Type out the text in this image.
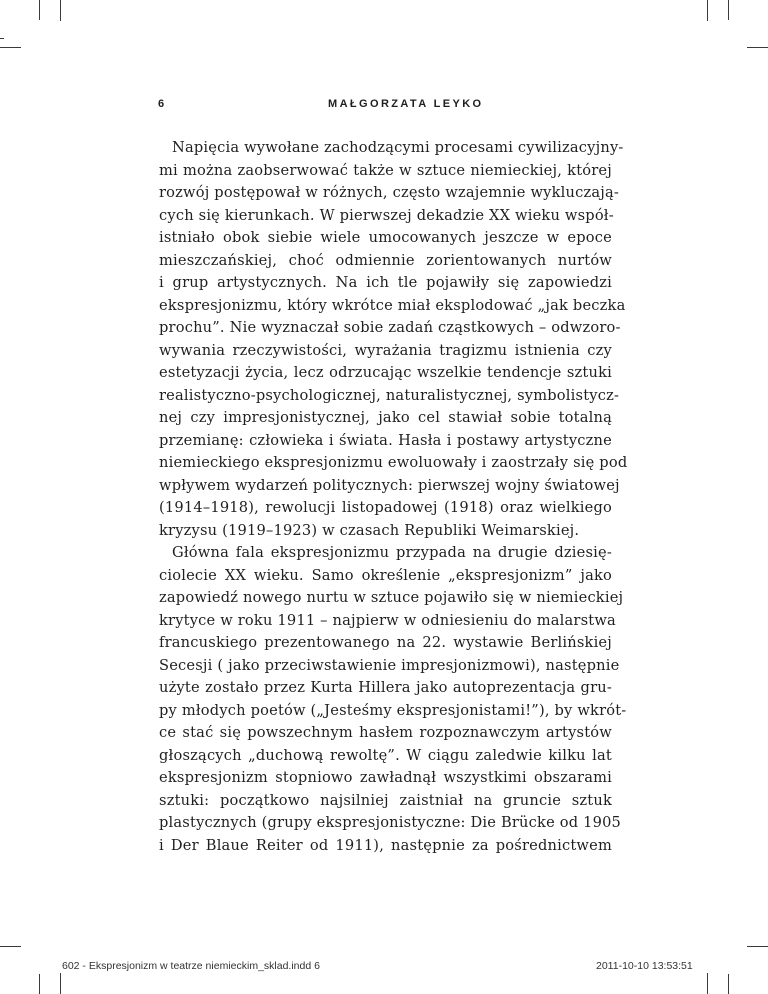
6	MAŁGORZATA LEYKO
Napięcia wywołane zachodzącymi procesami cywilizacyjny-
mi można zaobserwować także w sztuce niemieckiej, której
rozwój postępował w różnych, często wzajemnie wykluczają-
cych się kierunkach. W pierwszej dekadzie XX wieku współ-
istniało obok siebie wiele umocowanych jeszcze w epoce
mieszczańskiej, choć odmiennie zorientowanych nurtów
i grup artystycznych. Na ich tle pojawiły się zapowiedzi
ekspresjonizmu, który wkrótce miał eksplodować „jak beczka
prochu”. Nie wyznaczał sobie zadań cząstkowych – odwzoro-
wywania rzeczywistości, wyrażania tragizmu istnienia czy
estetyzacji życia, lecz odrzucając wszelkie tendencje sztuki
realistyczno-psychologicznej, naturalistycznej, symbolistycz-
nej czy impresjonistycznej, jako cel stawiał sobie totalną
przemianę: człowieka i świata. Hasła i postawy artystyczne
niemieckiego ekspresjonizmu ewoluowały i zaostrzały się pod
wpływem wydarzeń politycznych: pierwszej wojny światowej
(1914–1918), rewolucji listopadowej (1918) oraz wielkiego
kryzysu (1919–1923) w czasach Republiki Weimarskiej.
Główna fala ekspresjonizmu przypada na drugie dziesię-
ciolecie XX wieku. Samo określenie „ekspresjonizm” jako
zapowiedź nowego nurtu w sztuce pojawiło się w niemieckiej
krytyce w roku 1911 – najpierw w odniesieniu do malarstwa
francuskiego prezentowanego na 22. wystawie Berlińskiej
Secesji ( jako przeciwstawienie impresjonizmowi), następnie
użyte zostało przez Kurta Hillera jako autoprezentacja gru-
py młodych poetów („Jesteśmy ekspresjonistami!”), by wkrót-
ce stać się powszechnym hasłem rozpoznawczym artystów
głoszących „duchową rewoltę”. W ciągu zaledwie kilku lat
ekspresjonizm stopniowo zawładnął wszystkimi obszarami
sztuki: początkowo najsilniej zaistniał na gruncie sztuk
plastycznych (grupy ekspresjonistyczne: Die Brücke od 1905
i Der Blaue Reiter od 1911), następnie za pośrednictwem
602 - Ekspresjonizm w teatrze niemieckim_sklad.indd 6	2011-10-10 13:53:51
